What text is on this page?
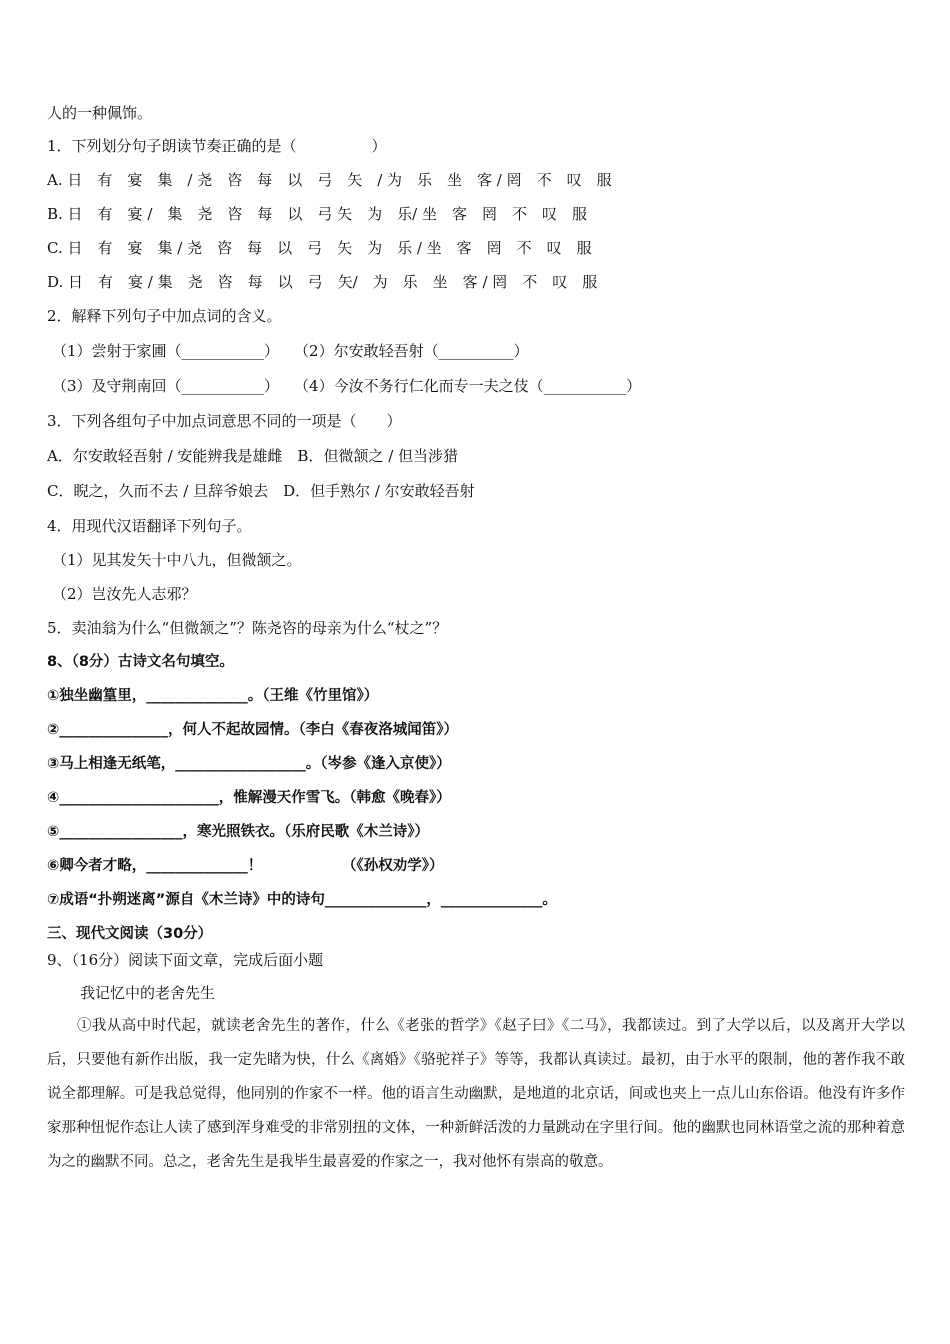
人的一种佩饰。
1．下列划分句子朗读节奏正确的是（　　　　　）
A. 日　有　宴　集　/ 尧　咨　每　以　弓　矢　/ 为　乐　坐　客 / 罔　不　叹　服
B. 日　有　宴 /　集　尧　咨　每　以　弓 矢　为　乐/ 坐　客　罔　不　叹　服
C. 日　有　宴　集 / 尧　咨　每　以　弓　矢　为　乐 / 坐　客　罔　不　叹　服
D. 日　有　宴 / 集　尧　咨　每　以　弓　矢/　为　乐　坐　客 / 罔　不　叹　服
2．解释下列句子中加点词的含义。
（1）尝射于家圃（___________）　　（2）尔安敢轻吾射（__________）
（3）及守荆南回（___________）　　（4）今汝不务行仁化而专一夫之伎（___________）
3．下列各组句子中加点词意思不同的一项是（　　）
A．尔安敢轻吾射 / 安能辨我是雄雌　B．但微颔之 / 但当涉猎
C．睨之，久而不去 / 旦辞爷娘去　D．但手熟尔 / 尔安敢轻吾射
4．用现代汉语翻译下列句子。
（1）见其发矢十中八九，但微颔之。
（2）岂汝先人志邪？
5．卖油翁为什么“但微颔之”？陈尧咨的母亲为什么“杖之”？
8、（8分）古诗文名句填空。
①独坐幽篁里，______________。（王维《竹里馆》）
②_______________，何人不起故园情。（李白《春夜洛城闻笛》）
③马上相逢无纸笔，__________________。（岑参《逢入京使》）
④______________________，惟解漫天作雪飞。（韩愈《晚春》）
⑤_________________，寒光照铁衣。（乐府民歌《木兰诗》）
⑥卿今者才略，______________！　　　　　　（《孙权劝学》）
⑦成语“扑朔迷离”源自《木兰诗》中的诗句______________，______________。
三、现代文阅读（30分）
9、（16分）阅读下面文章，完成后面小题
我记忆中的老舍先生
①我从高中时代起，就读老舍先生的著作，什么《老张的哲学》《赵子曰》《二马》，我都读过。到了大学以后，以及离开大学以后，只要他有新作出版，我一定先睹为快，什么《离婚》《骆驼祥子》等等，我都认真读过。最初，由于水平的限制，他的著作我不敢说全都理解。可是我总觉得，他同别的作家不一样。他的语言生动幽默，是地道的北京话，间或也夹上一点儿山东俗语。他没有许多作家那种忸怩作态让人读了感到浑身难受的非常别扭的文体，一种新鲜活泼的力量跳动在字里行间。他的幽默也同林语堂之流的那种着意为之的幽默不同。总之，老舍先生是我毕生最喜爱的作家之一，我对他怀有崇高的敬意。
